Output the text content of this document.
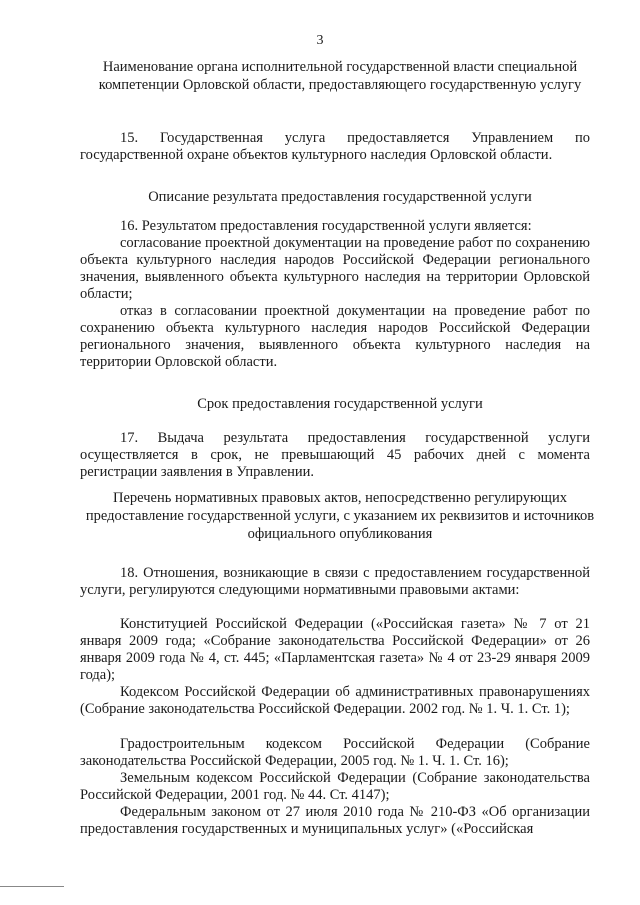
3
Наименование органа исполнительной государственной власти специальной компетенции Орловской области, предоставляющего государственную услугу
15. Государственная услуга предоставляется Управлением по государственной охране объектов культурного наследия Орловской области.
Описание результата предоставления государственной услуги
16. Результатом предоставления государственной услуги является:
согласование проектной документации на проведение работ по сохранению объекта культурного наследия народов Российской Федерации регионального значения, выявленного объекта культурного наследия на территории Орловской области;
отказ в согласовании проектной документации на проведение работ по сохранению объекта культурного наследия народов Российской Федерации регионального значения, выявленного объекта культурного наследия на территории Орловской области.
Срок предоставления государственной услуги
17. Выдача результата предоставления государственной услуги осуществляется в срок, не превышающий 45 рабочих дней с момента регистрации заявления в Управлении.
Перечень нормативных правовых актов, непосредственно регулирующих предоставление государственной услуги, с указанием их реквизитов и источников официального опубликования
18. Отношения, возникающие в связи с предоставлением государственной услуги, регулируются следующими нормативными правовыми актами:
Конституцией Российской Федерации («Российская газета» № 7 от 21 января 2009 года; «Собрание законодательства Российской Федерации» от 26 января 2009 года № 4, ст. 445; «Парламентская газета» № 4 от 23-29 января 2009 года);
Кодексом Российской Федерации об административных правонарушениях (Собрание законодательства Российской Федерации. 2002 год. № 1. Ч. 1. Ст. 1);
Градостроительным кодексом Российской Федерации (Собрание законодательства Российской Федерации, 2005 год. № 1. Ч. 1. Ст. 16);
Земельным кодексом Российской Федерации (Собрание законодательства Российской Федерации, 2001 год. № 44. Ст. 4147);
Федеральным законом от 27 июля 2010 года № 210-ФЗ «Об организации предоставления государственных и муниципальных услуг» («Российская
